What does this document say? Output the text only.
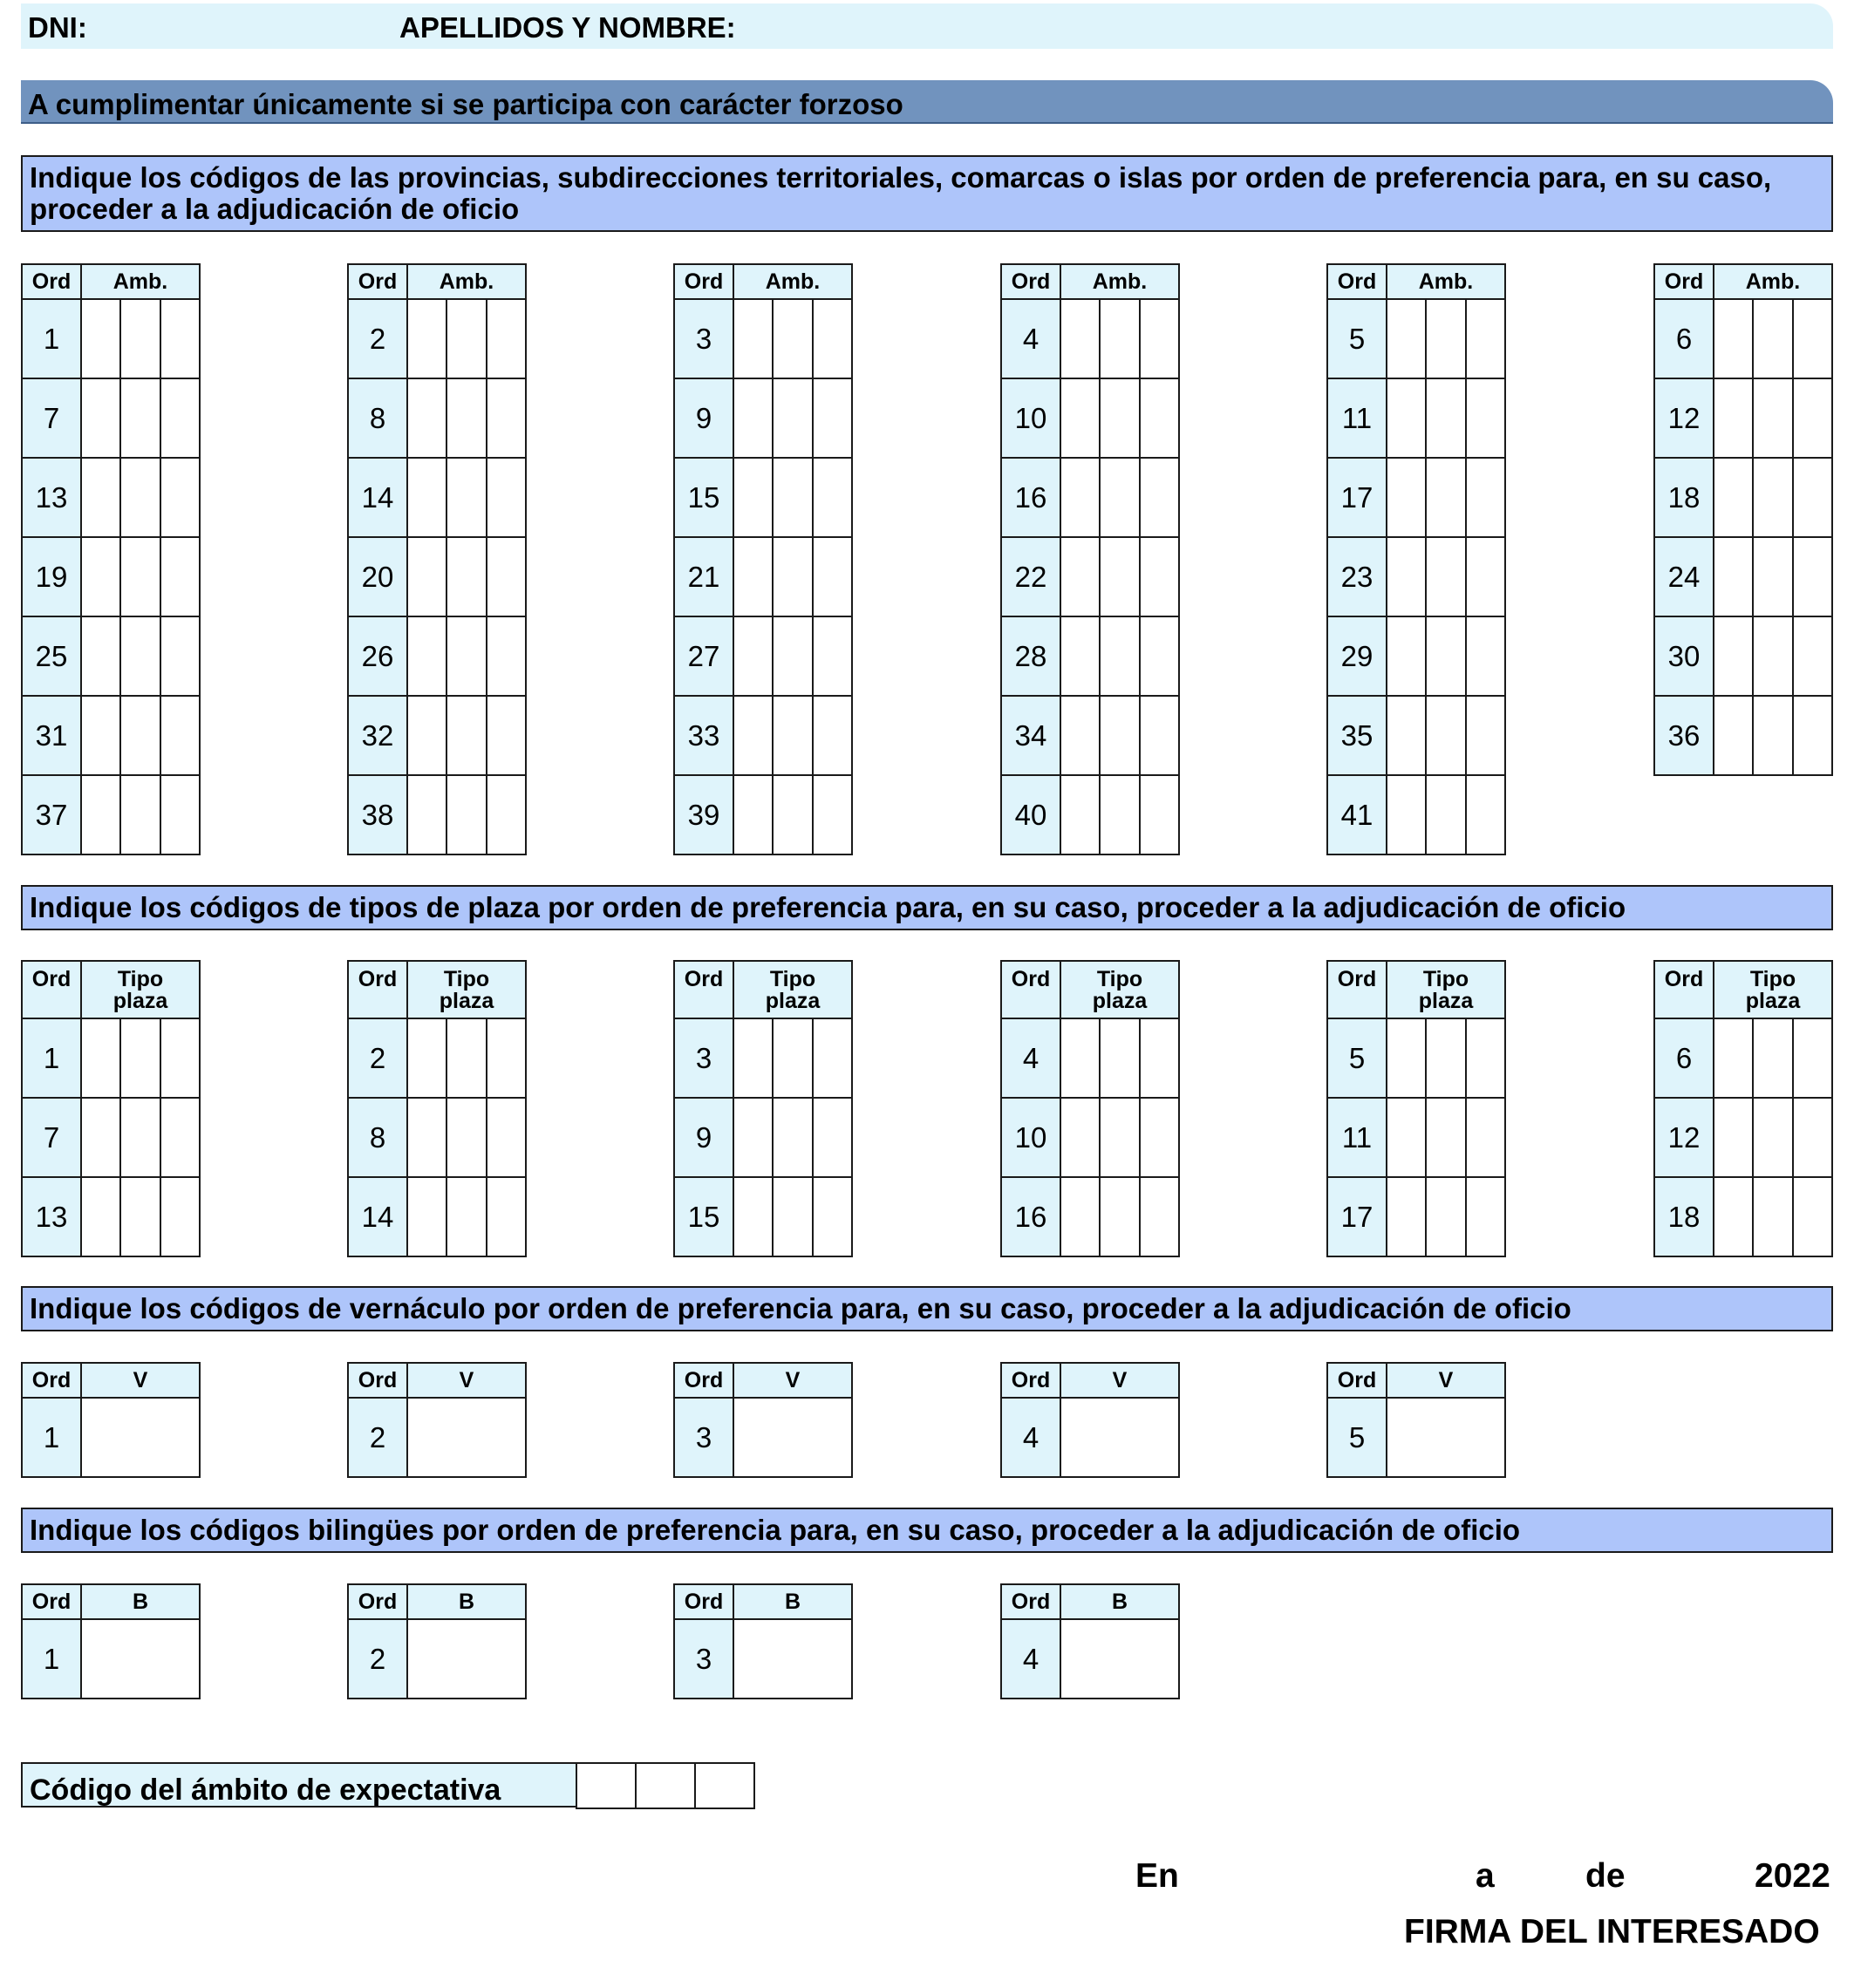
DNI:	APELLIDOS Y NOMBRE:
A cumplimentar únicamente si se participa con carácter forzoso
Indique los códigos de las provincias, subdirecciones territoriales, comarcas o islas por orden de preferencia para, en su caso, proceder a la adjudicación de oficio
Indique los códigos de tipos de plaza por orden de preferencia para, en su caso, proceder a la adjudicación de oficio
Indique los códigos de vernáculo por orden de preferencia para, en su caso, proceder a la adjudicación de oficio
Indique los códigos bilingües por orden de preferencia para, en su caso, proceder a la adjudicación de oficio
Ord	Amb.		
1			
7			
13			
19			
25			
31			
37			
Ord	Amb.		
2			
8			
14			
20			
26			
32			
38			
Ord	Amb.		
3			
9			
15			
21			
27			
33			
39			
Ord	Amb.		
4			
10			
16			
22			
28			
34			
40			
Ord	Amb.		
5			
11			
17			
23			
29			
35			
41			
Ord	Amb.		
6			
12			
18			
24			
30			
36			
Ord	Tipo
plaza		

1			
7			
13			
Ord	Tipo
plaza		

2			
8			
14			
Ord	Tipo
plaza		

3			
9			
15			
Ord	Tipo
plaza		

4			
10			
16			
Ord	Tipo
plaza		

5			
11			
17			
Ord	Tipo
plaza		

6			
12			
18			
Ord	V
1	
Ord	V
2	
Ord	V
3	
Ord	V
4	
Ord	V
5	
Ord	B
1	
Ord	B
2	
Ord	B
3	
Ord	B
4	
Código del ámbito de expectativa

En	a	de	2022
FIRMA DEL INTERESADO
